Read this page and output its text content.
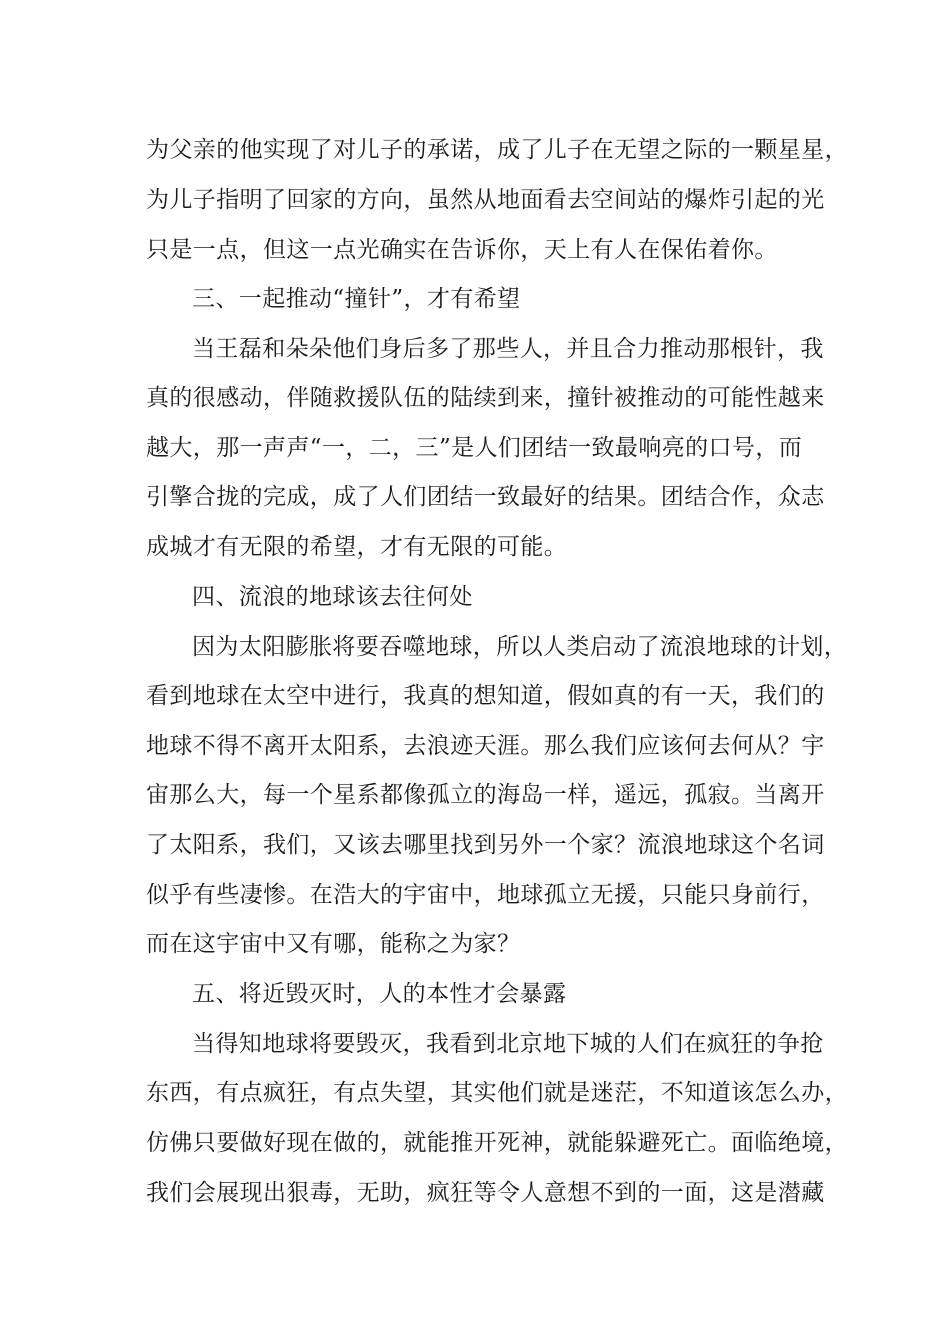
为父亲的他实现了对儿子的承诺，成了儿子在无望之际的一颗星星，

为儿子指明了回家的方向，虽然从地面看去空间站的爆炸引起的光

只是一点，但这一点光确实在告诉你，天上有人在保佑着你。

三、一起推动“撞针”，才有希望

当王磊和朵朵他们身后多了那些人，并且合力推动那根针，我

真的很感动，伴随救援队伍的陆续到来，撞针被推动的可能性越来

越大，那一声声“一，二，三”是人们团结一致最响亮的口号，而

引擎合拢的完成，成了人们团结一致最好的结果。团结合作，众志

成城才有无限的希望，才有无限的可能。

四、流浪的地球该去往何处

因为太阳膨胀将要吞噬地球，所以人类启动了流浪地球的计划，

看到地球在太空中进行，我真的想知道，假如真的有一天，我们的

地球不得不离开太阳系，去浪迹天涯。那么我们应该何去何从？宇

宙那么大，每一个星系都像孤立的海岛一样，遥远，孤寂。当离开

了太阳系，我们，又该去哪里找到另外一个家？流浪地球这个名词

似乎有些凄惨。在浩大的宇宙中，地球孤立无援，只能只身前行，

而在这宇宙中又有哪，能称之为家？

五、将近毁灭时，人的本性才会暴露

当得知地球将要毁灭，我看到北京地下城的人们在疯狂的争抢

东西，有点疯狂，有点失望，其实他们就是迷茫，不知道该怎么办，

仿佛只要做好现在做的，就能推开死神，就能躲避死亡。面临绝境，

我们会展现出狠毒，无助，疯狂等令人意想不到的一面，这是潜藏
